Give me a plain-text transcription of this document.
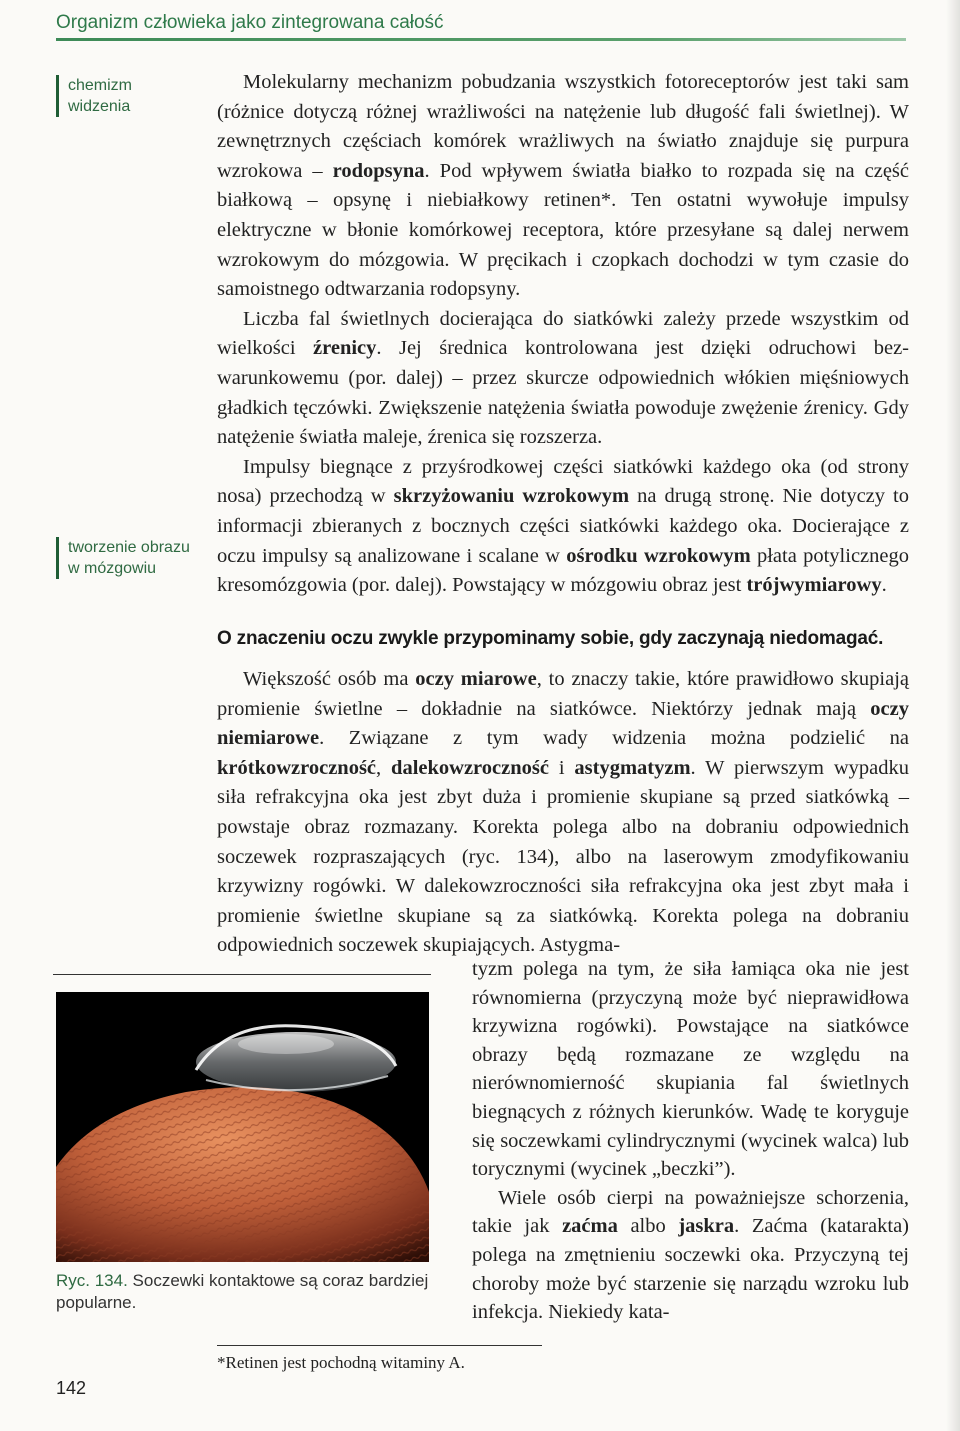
Organizm człowieka jako zintegrowana całość
chemizm
widzenia
tworzenie obrazu
w mózgowiu

Molekularny mechanizm pobudzania wszystkich fotoreceptorów jest taki sam (różnice dotyczą różnej wrażliwości na natężenie lub długość fali świetlnej). W zewnętrznych częściach komórek wrażliwych na światło znajduje się purpura wzrokowa – rodopsyna. Pod wpływem światła białko to rozpada się na część białkową – opsynę i niebiałkowy retinen*. Ten ostatni wywołuje impulsy elektryczne w błonie komórkowej receptora, które przesyłane są dalej nerwem wzrokowym do mózgowia. W pręcikach i czopkach dochodzi w tym czasie do samoistnego odtwarzania rodopsyny.

Liczba fal świetlnych docierająca do siatkówki zależy przede wszystkim od wielkości źrenicy. Jej średnica kontrolowana jest dzięki odruchowi bezwarunkowemu (por. dalej) – przez skurcze odpowiednich włókien mięśniowych gładkich tęczówki. Zwiększenie natężenia światła powoduje zwężenie źrenicy. Gdy natężenie światła maleje, źrenica się rozszerza.

Impulsy biegnące z przyśrodkowej części siatkówki każdego oka (od strony nosa) przechodzą w skrzyżowaniu wzrokowym na drugą stronę. Nie dotyczy to informacji zbieranych z bocznych części siatkówki każdego oka. Docierające z oczu impulsy są analizowane i scalane w ośrodku wzrokowym płata potylicznego kresomózgowia (por. dalej). Powstający w mózgowiu obraz jest trójwymiarowy.

O znaczeniu oczu zwykle przypominamy sobie, gdy zaczynają niedomagać.

Większość osób ma oczy miarowe, to znaczy takie, które prawidłowo skupiają promienie świetlne – dokładnie na siatkówce. Niektórzy jednak mają oczy niemiarowe. Związane z tym wady widzenia można podzielić na krótkowzroczność, dalekowzroczność i astygmatyzm. W pierwszym wypadku siła refrakcyjna oka jest zbyt duża i promienie skupiane są przed siatkówką – powstaje obraz rozmazany. Korekta polega albo na dobraniu odpowiednich soczewek rozpraszających (ryc. 134), albo na laserowym zmodyfikowaniu krzywizny rogówki. W dalekowzroczności siła refrakcyjna oka jest zbyt mała i promienie świetlne skupiane są za siatkówką. Korekta polega na dobraniu odpowiednich soczewek skupiających. Astygma-

Ryc. 134. Soczewki kontaktowe są coraz bardziej popularne.

tyzm polega na tym, że siła łamiąca oka nie jest równomierna (przyczyną może być nieprawidłowa krzywizna rogówki). Powstające na siatkówce obrazy będą rozmazane ze względu na nierównomierność skupiania fal świetlnych biegnących z różnych kierunków. Wadę te koryguje się soczewkami cylindrycznymi (wycinek walca) lub torycznymi (wycinek „beczki”).

Wiele osób cierpi na poważniejsze schorzenia, takie jak zaćma albo jaskra. Zaćma (katarakta) polega na zmętnieniu soczewki oka. Przyczyną tej choroby może być starzenie się narządu wzroku lub infekcja. Niekiedy kata-

*Retinen jest pochodną witaminy A.
142
